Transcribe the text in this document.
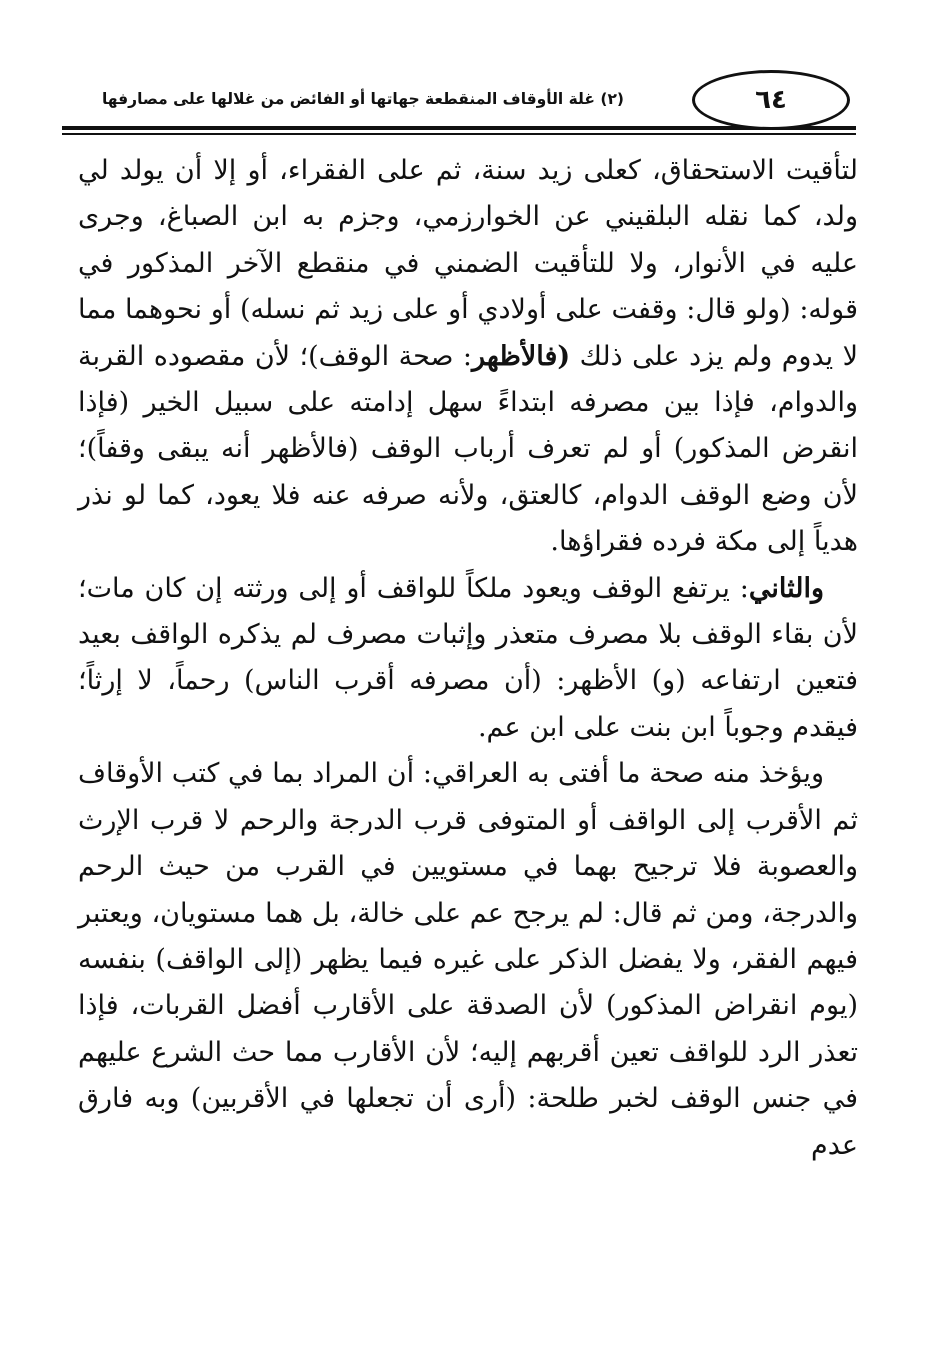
(٢) غلة الأوقاف المنقطعة جهاتها أو الفائض من غلالها على مصارفها	٦٤

لتأقيت الاستحقاق، كعلى زيد سنة، ثم على الفقراء، أو إلا أن يولد لي ولد، كما نقله البلقيني عن الخوارزمي، وجزم به ابن الصباغ، وجرى عليه في الأنوار، ولا للتأقيت الضمني في منقطع الآخر المذكور في قوله: (ولو قال: وقفت على أولادي أو على زيد ثم نسله) أو نحوهما مما لا يدوم ولم يزد على ذلك (فالأظهر: صحة الوقف)؛ لأن مقصوده القربة والدوام، فإذا بين مصرفه ابتداءً سهل إدامته على سبيل الخير (فإذا انقرض المذكور) أو لم تعرف أرباب الوقف (فالأظهر أنه يبقى وقفاً)؛ لأن وضع الوقف الدوام، كالعتق، ولأنه صرفه عنه فلا يعود، كما لو نذر هدياً إلى مكة فرده فقراؤها.

والثاني: يرتفع الوقف ويعود ملكاً للواقف أو إلى ورثته إن كان مات؛ لأن بقاء الوقف بلا مصرف متعذر وإثبات مصرف لم يذكره الواقف بعيد فتعين ارتفاعه (و) الأظهر: (أن مصرفه أقرب الناس) رحماً، لا إرثاً؛ فيقدم وجوباً ابن بنت على ابن عم.

ويؤخذ منه صحة ما أفتى به العراقي: أن المراد بما في كتب الأوقاف ثم الأقرب إلى الواقف أو المتوفى قرب الدرجة والرحم لا قرب الإرث والعصوبة فلا ترجيح بهما في مستويين في القرب من حيث الرحم والدرجة، ومن ثم قال: لم يرجح عم على خالة، بل هما مستويان، ويعتبر فيهم الفقر، ولا يفضل الذكر على غيره فيما يظهر (إلى الواقف) بنفسه (يوم انقراض المذكور) لأن الصدقة على الأقارب أفضل القربات، فإذا تعذر الرد للواقف تعين أقربهم إليه؛ لأن الأقارب مما حث الشرع عليهم في جنس الوقف لخبر طلحة: (أرى أن تجعلها في الأقربين) وبه فارق عدم
